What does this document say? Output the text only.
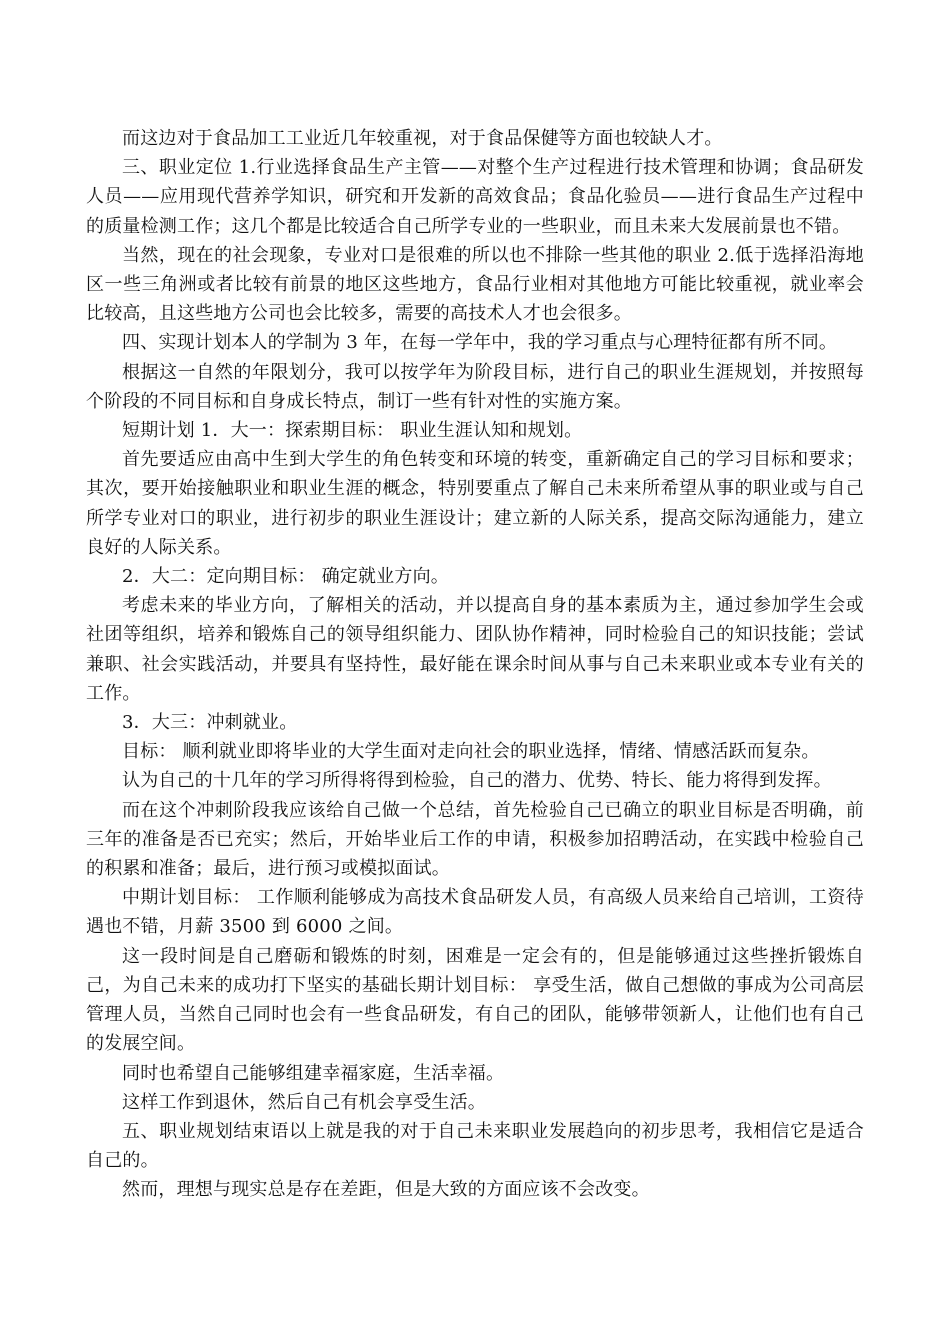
而这边对于食品加工工业近几年较重视，对于食品保健等方面也较缺人才。

三、职业定位 1.行业选择食品生产主管——对整个生产过程进行技术管理和协调；食品研发人员——应用现代营养学知识，研究和开发新的高效食品；食品化验员——进行食品生产过程中的质量检测工作；这几个都是比较适合自己所学专业的一些职业，而且未来大发展前景也不错。

当然，现在的社会现象，专业对口是很难的所以也不排除一些其他的职业 2.低于选择沿海地区一些三角洲或者比较有前景的地区这些地方，食品行业相对其他地方可能比较重视，就业率会比较高，且这些地方公司也会比较多，需要的高技术人才也会很多。

四、实现计划本人的学制为 3 年，在每一学年中，我的学习重点与心理特征都有所不同。

根据这一自然的年限划分，我可以按学年为阶段目标，进行自己的职业生涯规划，并按照每个阶段的不同目标和自身成长特点，制订一些有针对性的实施方案。

短期计划 1．大一：探索期目标： 职业生涯认知和规划。

首先要适应由高中生到大学生的角色转变和环境的转变，重新确定自己的学习目标和要求；其次，要开始接触职业和职业生涯的概念，特别要重点了解自己未来所希望从事的职业或与自己所学专业对口的职业，进行初步的职业生涯设计；建立新的人际关系，提高交际沟通能力，建立良好的人际关系。

2．大二：定向期目标： 确定就业方向。

考虑未来的毕业方向，了解相关的活动，并以提高自身的基本素质为主，通过参加学生会或社团等组织，培养和锻炼自己的领导组织能力、团队协作精神，同时检验自己的知识技能；尝试兼职、社会实践活动，并要具有坚持性，最好能在课余时间从事与自己未来职业或本专业有关的工作。

3．大三：冲刺就业。

目标： 顺利就业即将毕业的大学生面对走向社会的职业选择，情绪、情感活跃而复杂。

认为自己的十几年的学习所得将得到检验，自己的潜力、优势、特长、能力将得到发挥。

而在这个冲刺阶段我应该给自己做一个总结，首先检验自己已确立的职业目标是否明确，前三年的准备是否已充实；然后，开始毕业后工作的申请，积极参加招聘活动，在实践中检验自己的积累和准备；最后，进行预习或模拟面试。

中期计划目标： 工作顺利能够成为高技术食品研发人员，有高级人员来给自己培训，工资待遇也不错，月薪 3500 到 6000 之间。

这一段时间是自己磨砺和锻炼的时刻，困难是一定会有的，但是能够通过这些挫折锻炼自己，为自己未来的成功打下坚实的基础长期计划目标： 享受生活，做自己想做的事成为公司高层管理人员，当然自己同时也会有一些食品研发，有自己的团队，能够带领新人，让他们也有自己的发展空间。

同时也希望自己能够组建幸福家庭，生活幸福。

这样工作到退休，然后自己有机会享受生活。

五、职业规划结束语以上就是我的对于自己未来职业发展趋向的初步思考，我相信它是适合自己的。

然而，理想与现实总是存在差距，但是大致的方面应该不会改变。
